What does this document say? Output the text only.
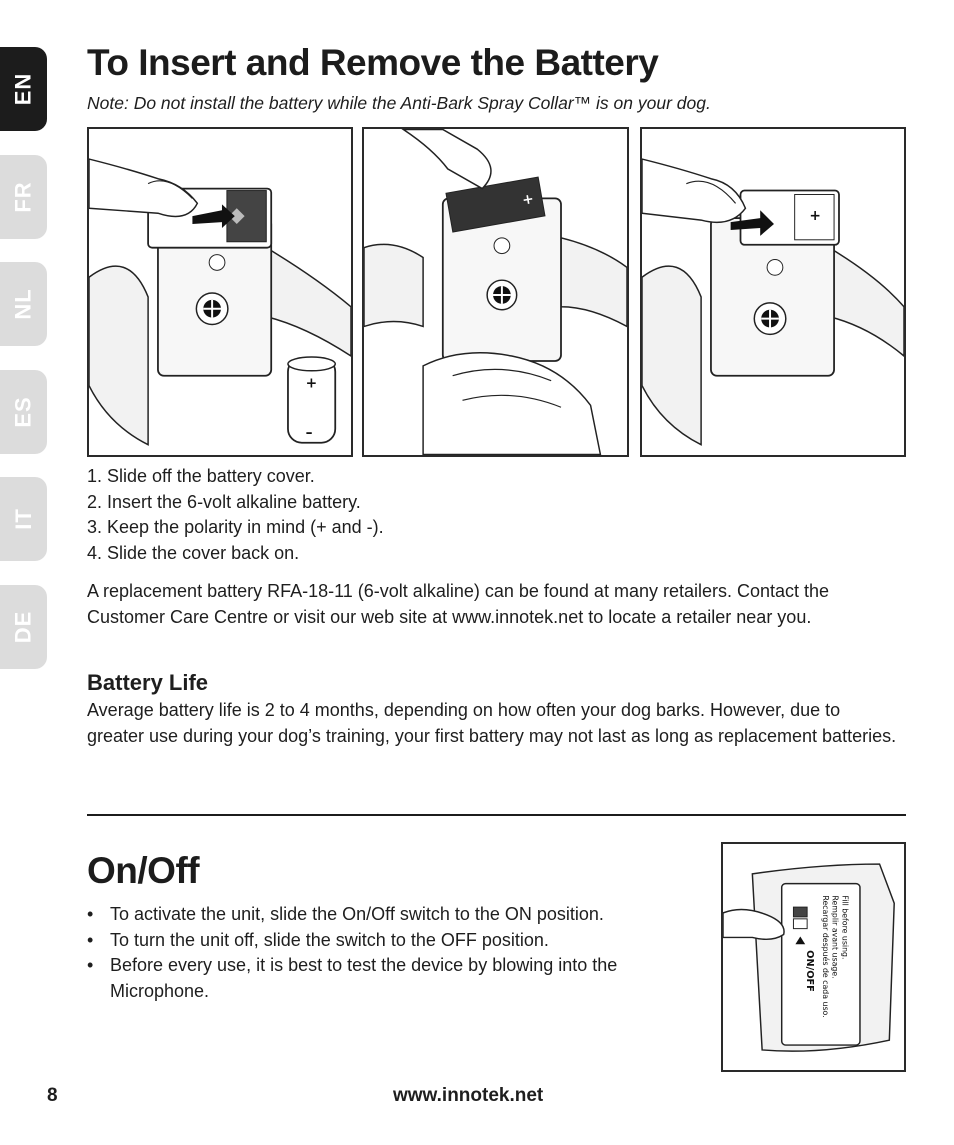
EN
FR
NL
ES
IT
DE
To Insert and Remove the Battery
Note: Do not install the battery while the Anti-Bark Spray Collar™ is on your dog.
+
–
+
+
1. Slide off the battery cover.
2. Insert the 6-volt alkaline battery.
3. Keep the polarity in mind (+ and -).
4. Slide the cover back on.

A replacement battery RFA-18-11 (6-volt alkaline) can be found at many retailers. Contact the Customer Care Centre or visit our web site at www.innotek.net to locate a retailer near you.

Battery Life

Average battery life is 2 to 4 months, depending on how often your dog barks. However, due to greater use during your dog’s training, your first battery may not last as long as replacement batteries.

On/Off
• To activate the unit, slide the On/Off switch to the ON position.
• To turn the unit off, slide the switch to the OFF position.
• Before every use, it is best to test the device by blowing into the Microphone.
Fill before using.
Remplir avant usage.
Recargar después de cada uso.
ON/OFF
8	www.innotek.net
